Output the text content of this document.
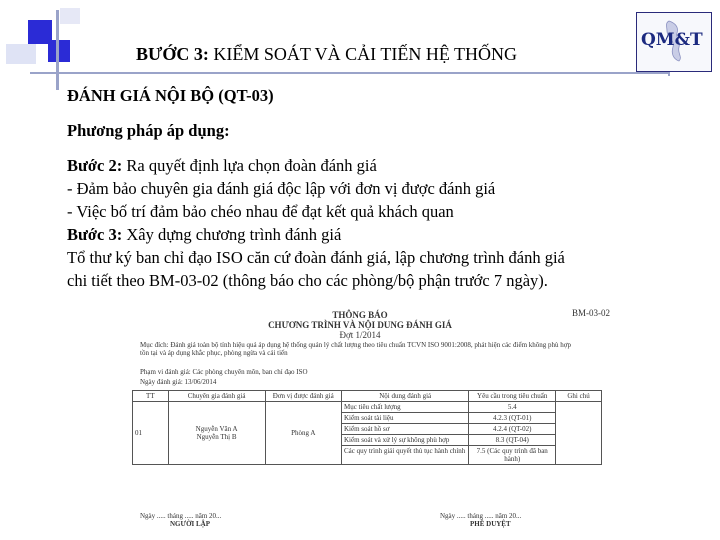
BƯỚC 3: KIỂM SOÁT VÀ CẢI TIẾN HỆ THỐNG
QM&T

ĐÁNH GIÁ NỘI BỘ (QT-03)

Phương pháp áp dụng:

Bước 2: Ra quyết định lựa chọn đoàn đánh giá

- Đảm bảo chuyên gia đánh giá độc lập với đơn vị được đánh giá

- Việc bố trí đảm bảo chéo nhau để đạt kết quả khách quan

Bước 3: Xây dựng chương trình đánh giá

Tổ thư ký ban chỉ đạo ISO căn cứ đoàn đánh giá, lập chương trình đánh giá

chi tiết theo BM-03-02 (thông báo cho các phòng/bộ phận trước 7 ngày).

BM-03-02
THÔNG BÁO
CHƯƠNG TRÌNH VÀ NỘI DUNG ĐÁNH GIÁ
Đợt 1/2014
Mục đích: Đánh giá toàn bộ tính hiệu quả áp dụng hệ thống quản lý chất lượng theo tiêu chuẩn TCVN ISO 9001:2008, phát hiện các điểm không phù hợp tồn tại và áp dụng khắc phục, phòng ngừa và cải tiến
Phạm vi đánh giá: Các phòng chuyên môn, ban chỉ đạo ISO
Ngày đánh giá: 13/06/2014
TT	Chuyên gia đánh giá	Đơn vị được đánh giá	Nội dung đánh giá	Yêu cầu trong tiêu chuẩn	Ghi chú
01	Nguyễn Văn A
Nguyễn Thị B	Phòng A	Mục tiêu chất lượng	5.4	
			Kiểm soát tài liệu	4.2.3 (QT-01)	
			Kiểm soát hồ sơ	4.2.4 (QT-02)	
			Kiểm soát và xử lý sự không phù hợp	8.3 (QT-04)	
			Các quy trình giải quyết thủ tục hành chính	7.5 (Các quy trình đã ban hành)	
Ngày ..... tháng ..... năm 20...
NGƯỜI LẬP
Ngày ..... tháng ..... năm 20...
PHÊ DUYỆT
